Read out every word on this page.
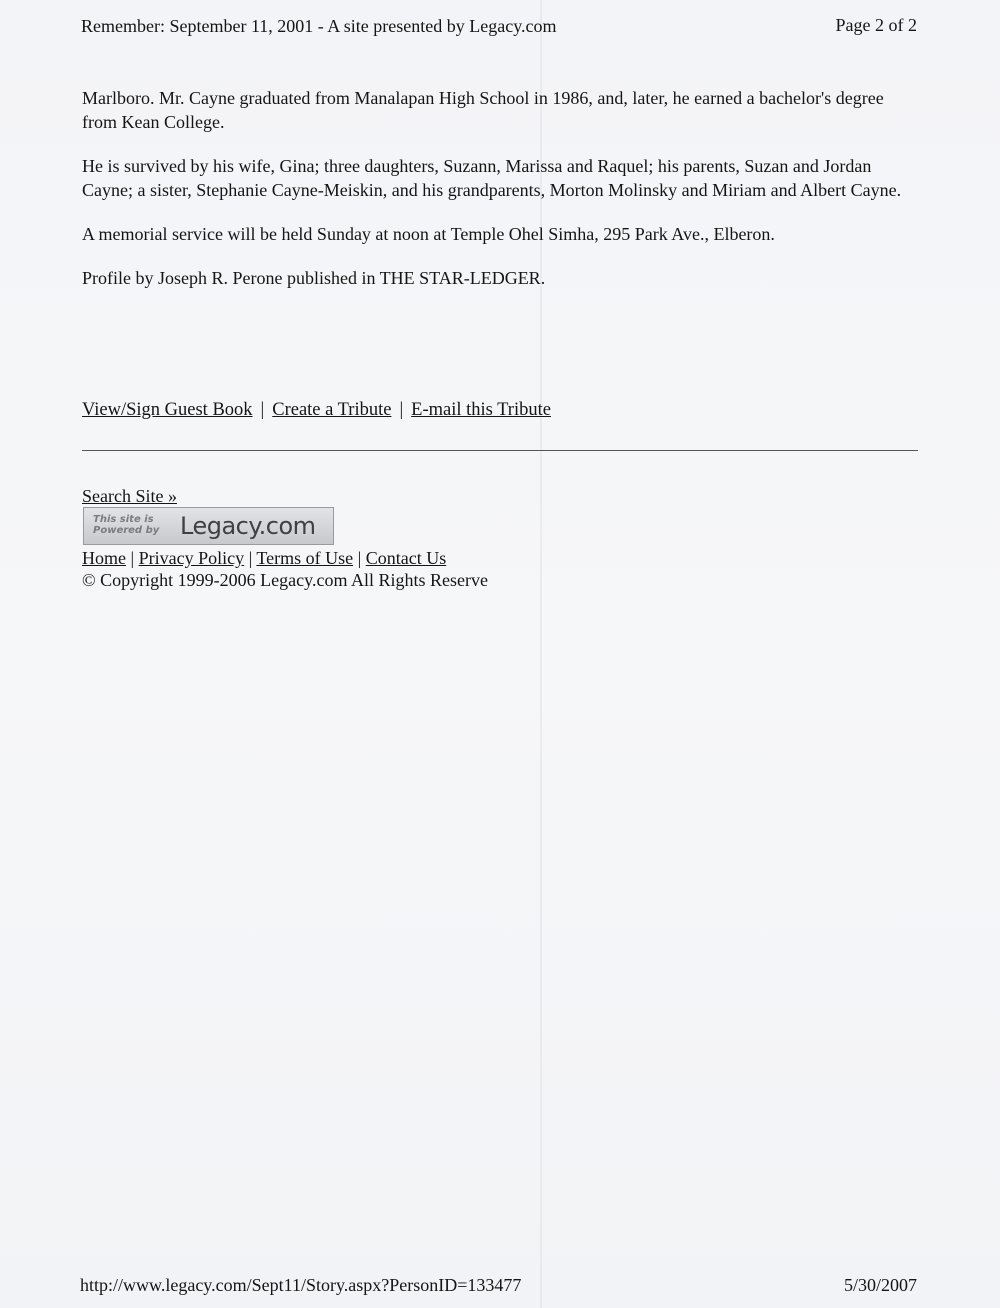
Remember: September 11, 2001 - A site presented by Legacy.com	Page 2 of 2

Marlboro. Mr. Cayne graduated from Manalapan High School in 1986, and, later, he earned a bachelor's degree from Kean College.

He is survived by his wife, Gina; three daughters, Suzann, Marissa and Raquel; his parents, Suzan and Jordan Cayne; a sister, Stephanie Cayne-Meiskin, and his grandparents, Morton Molinsky and Miriam and Albert Cayne.

A memorial service will be held Sunday at noon at Temple Ohel Simha, 295 Park Ave., Elberon.

Profile by Joseph R. Perone published in THE STAR-LEDGER.

View/Sign Guest Book | Create a Tribute | E-mail this Tribute
Search Site »
This site is
Powered by Legacy.com
Home | Privacy Policy | Terms of Use | Contact Us
© Copyright 1999-2006 Legacy.com All Rights Reserve
http://www.legacy.com/Sept11/Story.aspx?PersonID=133477	5/30/2007
